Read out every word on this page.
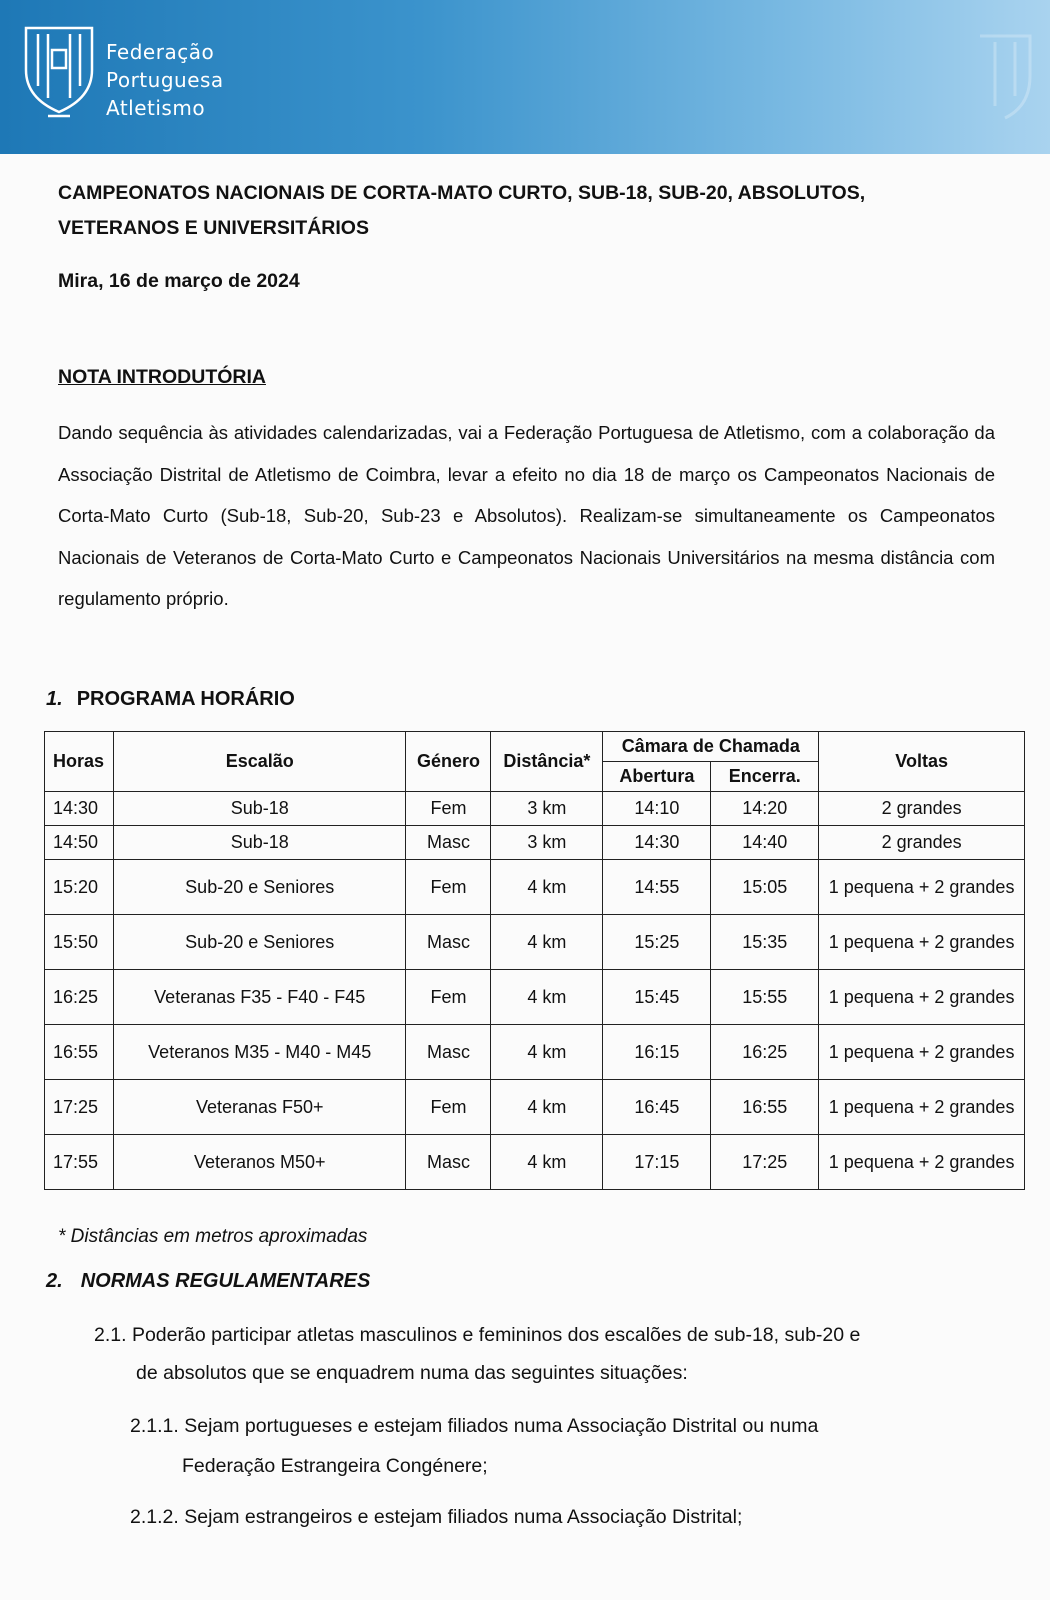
Federação
Portuguesa
Atletismo
CAMPEONATOS NACIONAIS DE CORTA-MATO CURTO, SUB-18, SUB-20, ABSOLUTOS, VETERANOS E UNIVERSITÁRIOS
Mira, 16 de março de 2024
NOTA INTRODUTÓRIA
Dando sequência às atividades calendarizadas, vai a Federação Portuguesa de Atletismo, com a colaboração da Associação Distrital de Atletismo de Coimbra, levar a efeito no dia 18 de março os Campeonatos Nacionais de Corta-Mato Curto (Sub-18, Sub-20, Sub-23 e Absolutos). Realizam-se simultaneamente os Campeonatos Nacionais de Veteranos de Corta-Mato Curto e Campeonatos Nacionais Universitários na mesma distância com regulamento próprio.
1. PROGRAMA HORÁRIO
Horas	Escalão	Género	Distância*	Câmara de Chamada		Voltas
				Abertura	Encerra.	
14:30	Sub-18	Fem	3 km	14:10	14:20	2 grandes
14:50	Sub-18	Masc	3 km	14:30	14:40	2 grandes
15:20	Sub-20 e Seniores	Fem	4 km	14:55	15:05	1 pequena + 2 grandes
15:50	Sub-20 e Seniores	Masc	4 km	15:25	15:35	1 pequena + 2 grandes
16:25	Veteranas F35 - F40 - F45	Fem	4 km	15:45	15:55	1 pequena + 2 grandes
16:55	Veteranos M35 - M40 - M45	Masc	4 km	16:15	16:25	1 pequena + 2 grandes
17:25	Veteranas F50+	Fem	4 km	16:45	16:55	1 pequena + 2 grandes
17:55	Veteranos M50+	Masc	4 km	17:15	17:25	1 pequena + 2 grandes
* Distâncias em metros aproximadas
2. NORMAS REGULAMENTARES
2.1. Poderão participar atletas masculinos e femininos dos escalões de sub-18, sub-20 e
de absolutos que se enquadrem numa das seguintes situações:
2.1.1. Sejam portugueses e estejam filiados numa Associação Distrital ou numa
Federação Estrangeira Congénere;
2.1.2. Sejam estrangeiros e estejam filiados numa Associação Distrital;
